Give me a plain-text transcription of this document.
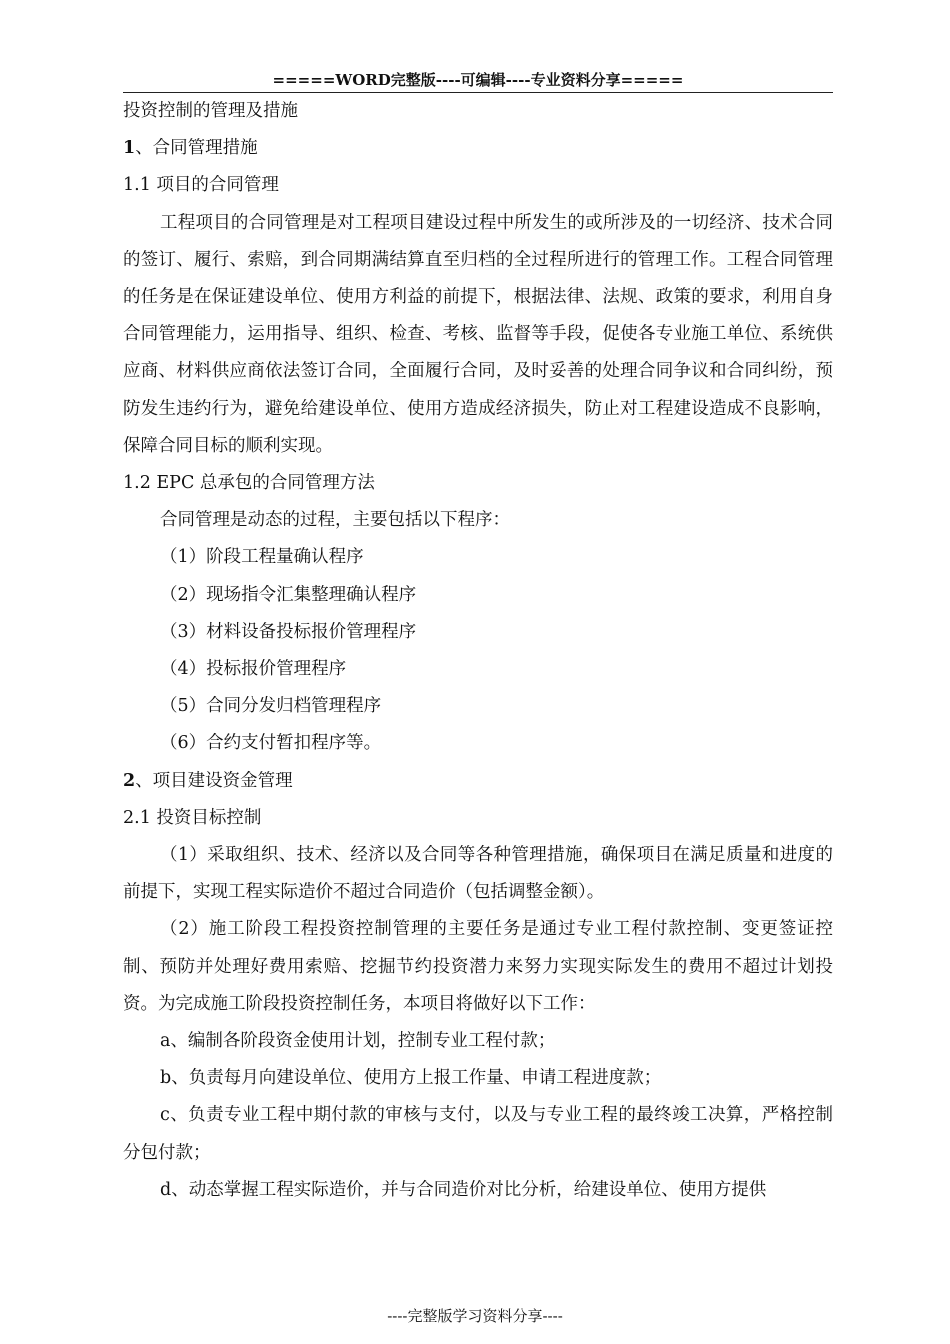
=====WORD完整版----可编辑----专业资料分享=====

投资控制的管理及措施

1、合同管理措施

1.1 项目的合同管理

工程项目的合同管理是对工程项目建设过程中所发生的或所涉及的一切经济、技术合同的签订、履行、索赔，到合同期满结算直至归档的全过程所进行的管理工作。工程合同管理的任务是在保证建设单位、使用方利益的前提下，根据法律、法规、政策的要求，利用自身合同管理能力，运用指导、组织、检查、考核、监督等手段，促使各专业施工单位、系统供应商、材料供应商依法签订合同，全面履行合同，及时妥善的处理合同争议和合同纠纷，预防发生违约行为，避免给建设单位、使用方造成经济损失，防止对工程建设造成不良影响，保障合同目标的顺利实现。

1.2 EPC 总承包的合同管理方法

合同管理是动态的过程，主要包括以下程序：

（1）阶段工程量确认程序

（2）现场指令汇集整理确认程序

（3）材料设备投标报价管理程序

（4）投标报价管理程序

（5）合同分发归档管理程序

（6）合约支付暂扣程序等。

2、项目建设资金管理

2.1 投资目标控制

（1）采取组织、技术、经济以及合同等各种管理措施，确保项目在满足质量和进度的前提下，实现工程实际造价不超过合同造价（包括调整金额）。

（2）施工阶段工程投资控制管理的主要任务是通过专业工程付款控制、变更签证控制、预防并处理好费用索赔、挖掘节约投资潜力来努力实现实际发生的费用不超过计划投资。为完成施工阶段投资控制任务，本项目将做好以下工作：

a、编制各阶段资金使用计划，控制专业工程付款；

b、负责每月向建设单位、使用方上报工作量、申请工程进度款；

c、负责专业工程中期付款的审核与支付，以及与专业工程的最终竣工决算，严格控制分包付款；

d、动态掌握工程实际造价，并与合同造价对比分析，给建设单位、使用方提供

----完整版学习资料分享----
